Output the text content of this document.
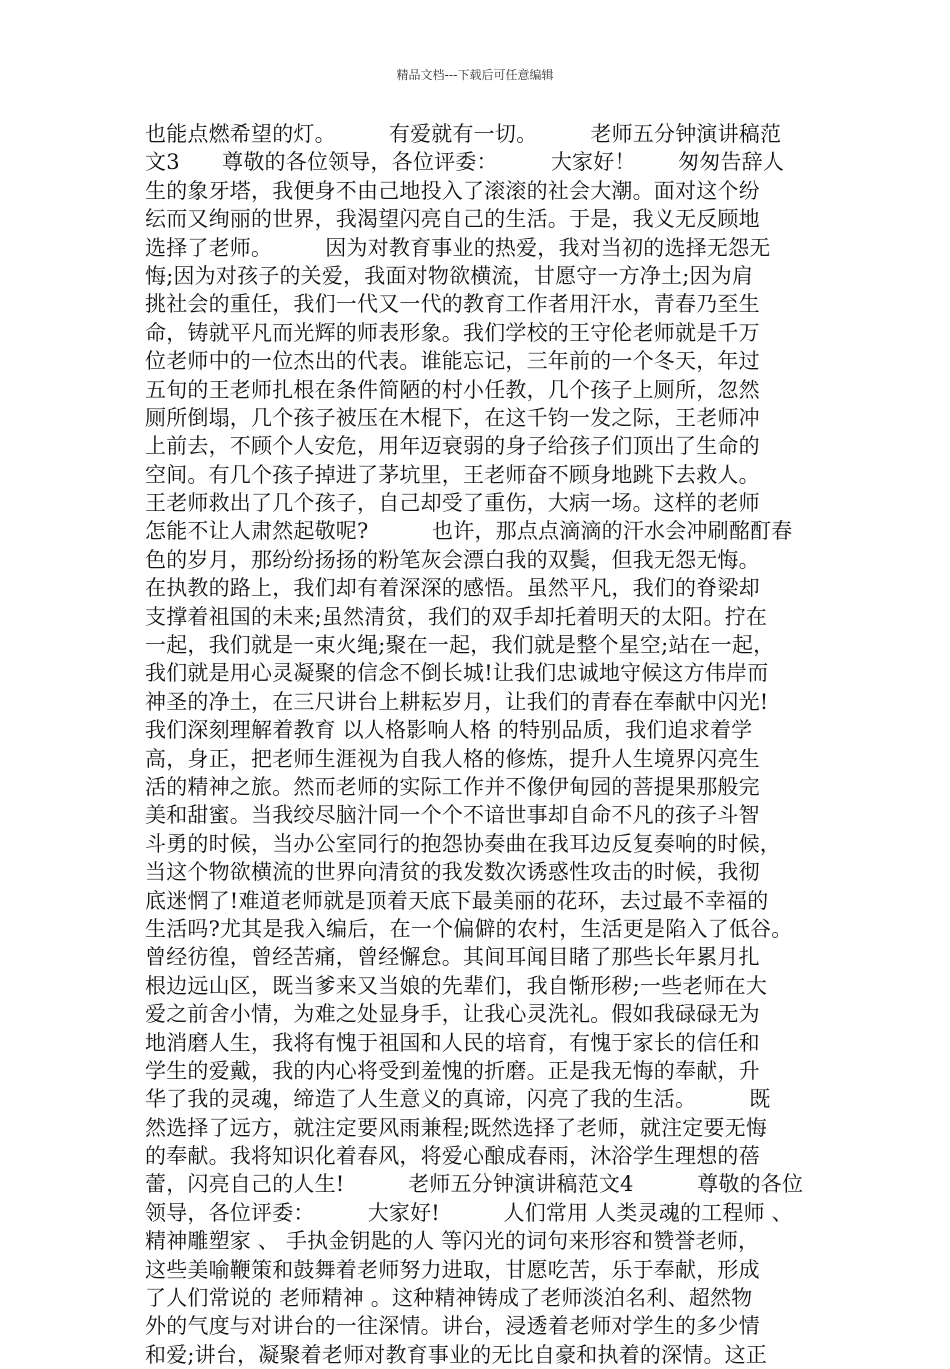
精品文档---下载后可任意编辑
也能点燃希望的灯。　　　有爱就有一切。　　　老师五分钟演讲稿范
文3　　尊敬的各位领导，各位评委：　　　大家好！　　匆匆告辞人
生的象牙塔，我便身不由己地投入了滚滚的社会大潮。面对这个纷
纭而又绚丽的世界，我渴望闪亮自己的生活。于是，我义无反顾地
选择了老师。　　　因为对教育事业的热爱，我对当初的选择无怨无
悔;因为对孩子的关爱，我面对物欲横流，甘愿守一方净土;因为肩
挑社会的重任，我们一代又一代的教育工作者用汗水，青春乃至生
命，铸就平凡而光辉的师表形象。我们学校的王守伦老师就是千万
位老师中的一位杰出的代表。谁能忘记，三年前的一个冬天，年过
五旬的王老师扎根在条件简陋的村小任教，几个孩子上厕所，忽然
厕所倒塌，几个孩子被压在木棍下，在这千钧一发之际，王老师冲
上前去，不顾个人安危，用年迈衰弱的身子给孩子们顶出了生命的
空间。有几个孩子掉进了茅坑里，王老师奋不顾身地跳下去救人。
王老师救出了几个孩子，自己却受了重伤，大病一场。这样的老师
怎能不让人肃然起敬呢?　　　也许，那点点滴滴的汗水会冲刷酩酊春
色的岁月，那纷纷扬扬的粉笔灰会漂白我的双鬓，但我无怨无悔。
在执教的路上，我们却有着深深的感悟。虽然平凡，我们的脊梁却
支撑着祖国的未来;虽然清贫，我们的双手却托着明天的太阳。拧在
一起，我们就是一束火绳;聚在一起，我们就是整个星空;站在一起，
我们就是用心灵凝聚的信念不倒长城!让我们忠诚地守候这方伟岸而
神圣的净土，在三尺讲台上耕耘岁月，让我们的青春在奉献中闪光!
我们深刻理解着教育 以人格影响人格 的特别品质，我们追求着学
高，身正，把老师生涯视为自我人格的修炼，提升人生境界闪亮生
活的精神之旅。然而老师的实际工作并不像伊甸园的菩提果那般完
美和甜蜜。当我绞尽脑汁同一个个不谙世事却自命不凡的孩子斗智
斗勇的时候，当办公室同行的抱怨协奏曲在我耳边反复奏响的时候，
当这个物欲横流的世界向清贫的我发数次诱惑性攻击的时候，我彻
底迷惘了!难道老师就是顶着天底下最美丽的花环，去过最不幸福的
生活吗?尤其是我入编后，在一个偏僻的农村，生活更是陷入了低谷。
曾经彷徨，曾经苦痛，曾经懈怠。其间耳闻目睹了那些长年累月扎
根边远山区，既当爹来又当娘的先辈们，我自惭形秽;一些老师在大
爱之前舍小情，为难之处显身手，让我心灵洗礼。假如我碌碌无为
地消磨人生，我将有愧于祖国和人民的培育，有愧于家长的信任和
学生的爱戴，我的内心将受到羞愧的折磨。正是我无悔的奉献，升
华了我的灵魂，缔造了人生意义的真谛，闪亮了我的生活。　　　既
然选择了远方，就注定要风雨兼程;既然选择了老师，就注定要无悔
的奉献。我将知识化着春风，将爱心酿成春雨，沐浴学生理想的蓓
蕾，闪亮自己的人生!　　　老师五分钟演讲稿范文4　　　尊敬的各位
领导，各位评委：　　　大家好!　　　人们常用 人类灵魂的工程师 、
精神雕塑家 、 手执金钥匙的人 等闪光的词句来形容和赞誉老师，
这些美喻鞭策和鼓舞着老师努力进取，甘愿吃苦，乐于奉献，形成
了人们常说的 老师精神 。这种精神铸成了老师淡泊名利、超然物
外的气度与对讲台的一往深情。讲台，浸透着老师对学生的多少情
和爱;讲台，凝聚着老师对教育事业的无比自豪和执着的深情。这正
